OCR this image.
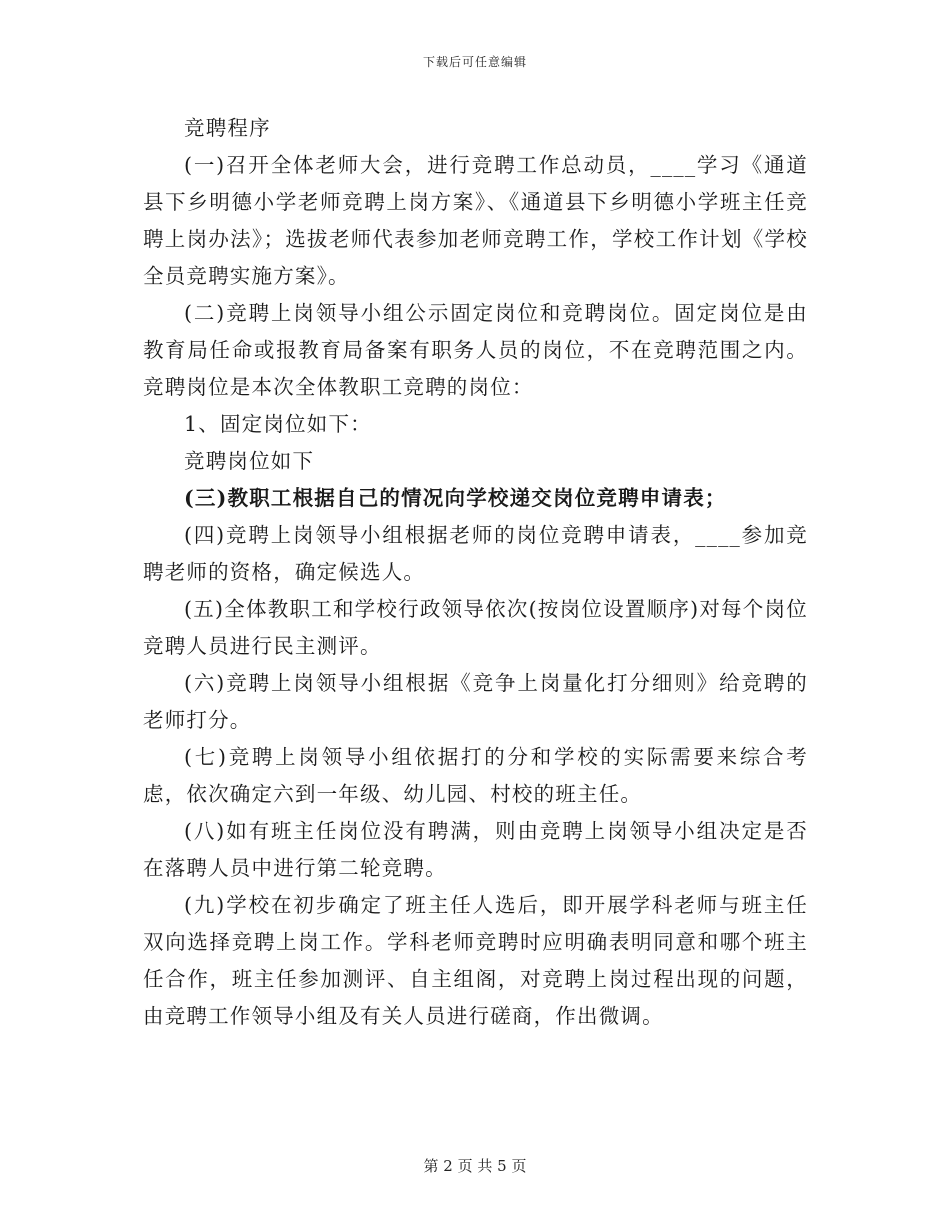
下载后可任意编辑

竞聘程序

(一)召开全体老师大会，进行竞聘工作总动员，____学习《通道县下乡明德小学老师竞聘上岗方案》、《通道县下乡明德小学班主任竞聘上岗办法》；选拔老师代表参加老师竞聘工作，学校工作计划《学校全员竞聘实施方案》。

(二)竞聘上岗领导小组公示固定岗位和竞聘岗位。固定岗位是由教育局任命或报教育局备案有职务人员的岗位，不在竞聘范围之内。竞聘岗位是本次全体教职工竞聘的岗位：

1、固定岗位如下：

竞聘岗位如下

(三)教职工根据自己的情况向学校递交岗位竞聘申请表；

(四)竞聘上岗领导小组根据老师的岗位竞聘申请表，____参加竞聘老师的资格，确定候选人。

(五)全体教职工和学校行政领导依次(按岗位设置顺序)对每个岗位竞聘人员进行民主测评。

(六)竞聘上岗领导小组根据《竞争上岗量化打分细则》给竞聘的老师打分。

(七)竞聘上岗领导小组依据打的分和学校的实际需要来综合考虑，依次确定六到一年级、幼儿园、村校的班主任。

(八)如有班主任岗位没有聘满，则由竞聘上岗领导小组决定是否在落聘人员中进行第二轮竞聘。

(九)学校在初步确定了班主任人选后，即开展学科老师与班主任双向选择竞聘上岗工作。学科老师竞聘时应明确表明同意和哪个班主任合作，班主任参加测评、自主组阁，对竞聘上岗过程出现的问题，由竞聘工作领导小组及有关人员进行磋商，作出微调。

第 2 页 共 5 页
